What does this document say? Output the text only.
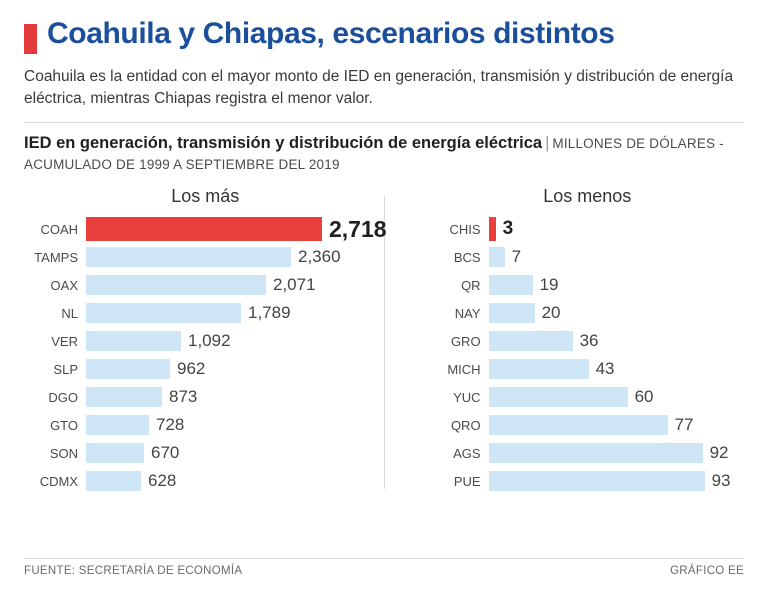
Coahuila y Chiapas, escenarios distintos
Coahuila es la entidad con el mayor monto de IED en generación, transmisión y distribución de energía eléctrica, mientras Chiapas registra el menor valor.
IED en generación, transmisión y distribución de energía eléctrica | MILLONES DE DÓLARES - ACUMULADO DE 1999 A SEPTIEMBRE DEL 2019
Los más
COAH	2,718
TAMPS	2,360
OAX	2,071
NL	1,789
VER	1,092
SLP	962
DGO	873
GTO	728
SON	670
CDMX	628
Los menos
CHIS	3
BCS	7
QR	19
NAY	20
GRO	36
MICH	43
YUC	60
QRO	77
AGS	92
PUE	93
FUENTE: SECRETARÍA DE ECONOMÍA	GRÁFICO EE
